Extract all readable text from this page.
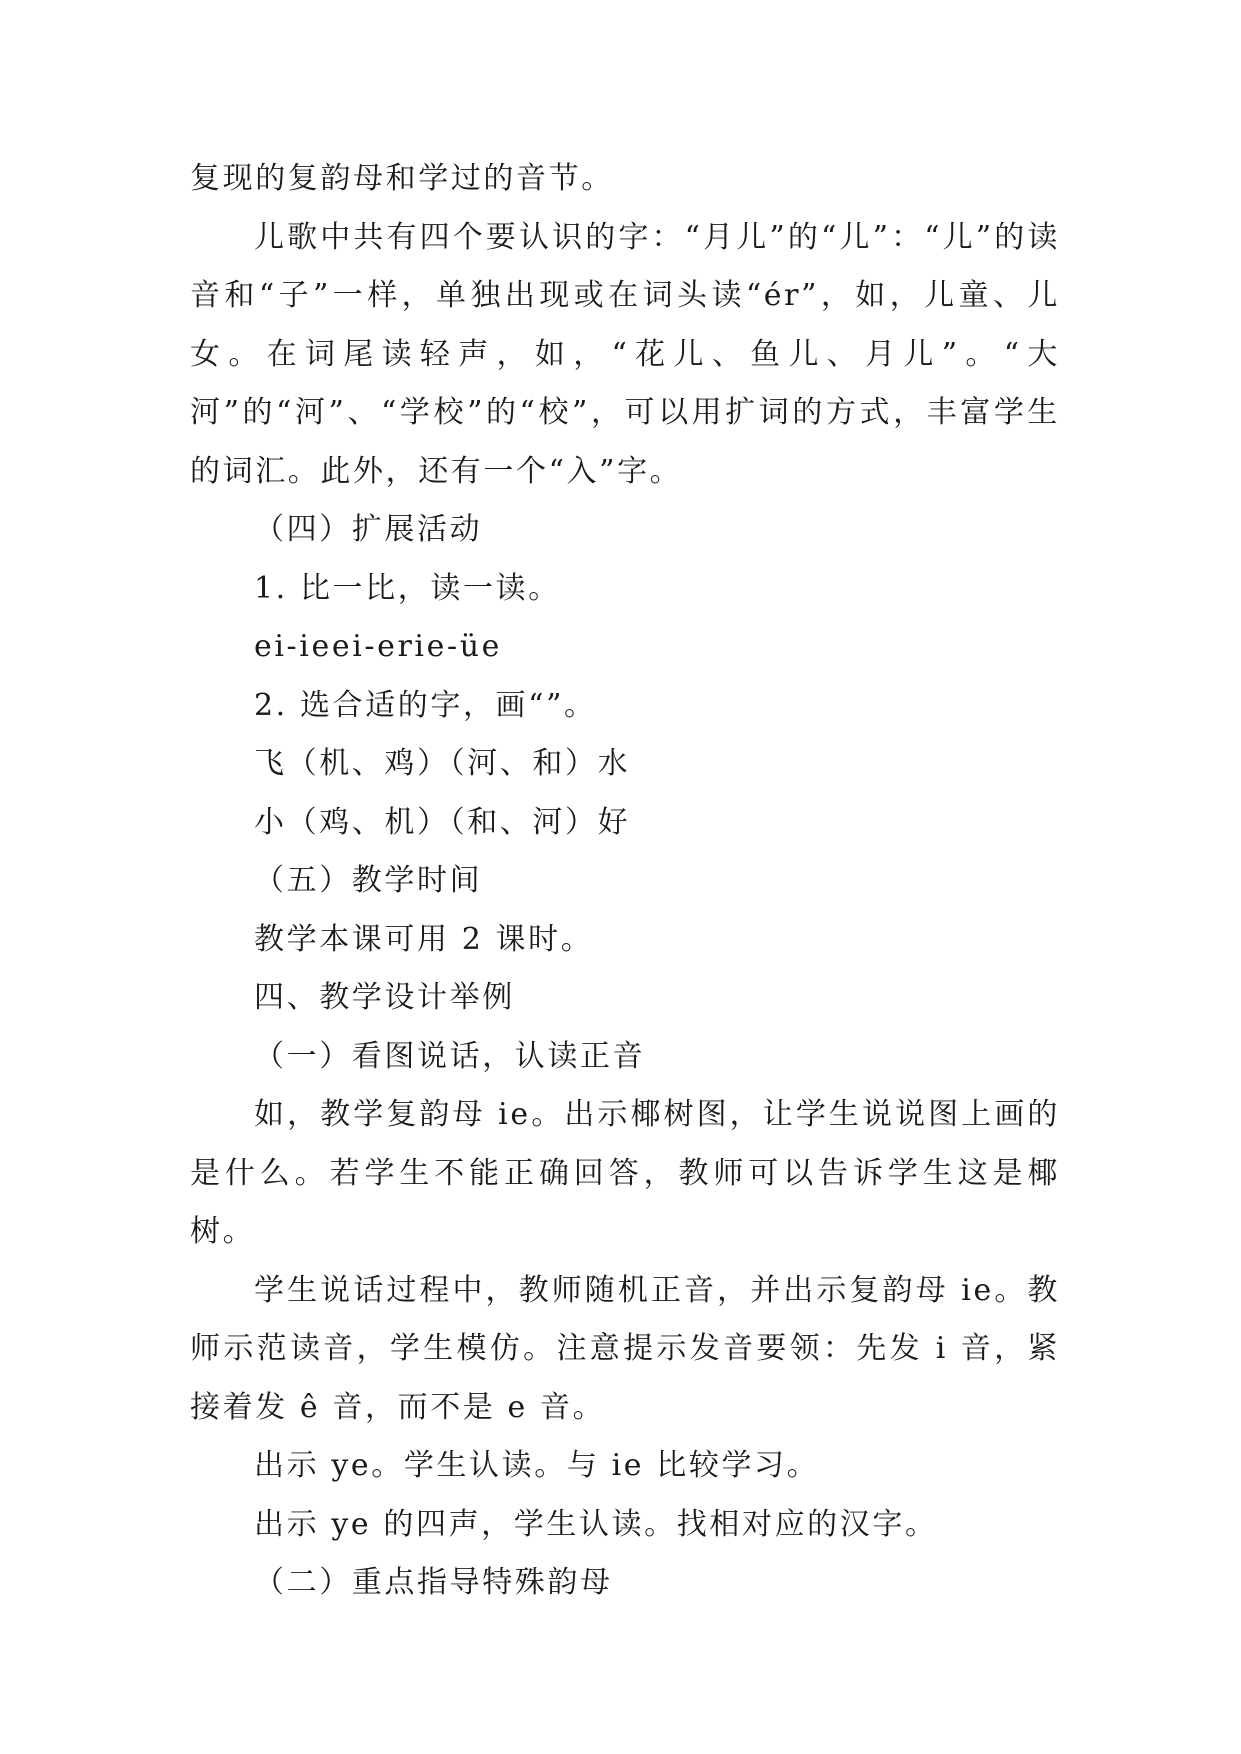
复现的复韵母和学过的音节。

儿歌中共有四个要认识的字：“月儿”的“儿”：“儿”的读音和“子”一样，单独出现或在词头读“ér”，如，儿童、儿女。在词尾读轻声，如，“花儿、鱼儿、月儿”。“大河”的“河”、“学校”的“校”，可以用扩词的方式，丰富学生的词汇。此外，还有一个“入”字。

（四）扩展活动

1. 比一比，读一读。

ei-ieei-erie-üe

2. 选合适的字，画“”。

飞（机、鸡）（河、和）水

小（鸡、机）（和、河）好

（五）教学时间

教学本课可用 2 课时。

四、教学设计举例

（一）看图说话，认读正音

如，教学复韵母 ie。出示椰树图，让学生说说图上画的是什么。若学生不能正确回答，教师可以告诉学生这是椰树。

学生说话过程中，教师随机正音，并出示复韵母 ie。教师示范读音，学生模仿。注意提示发音要领：先发 i 音，紧接着发 ê 音，而不是 e 音。

出示 ye。学生认读。与 ie 比较学习。

出示 ye 的四声，学生认读。找相对应的汉字。

（二）重点指导特殊韵母
